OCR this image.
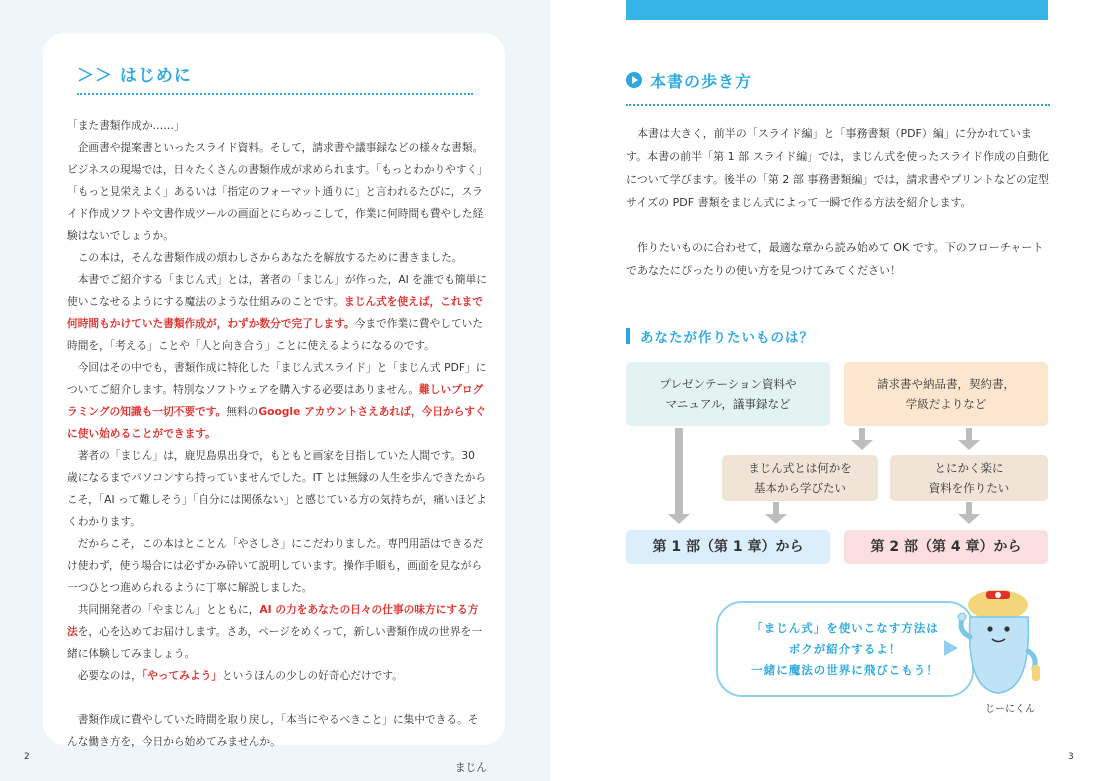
＞＞ はじめに

「また書類作成か……」

企画書や提案書といったスライド資料。そして，請求書や議事録などの様々な書類。ビジネスの現場では，日々たくさんの書類作成が求められます。「もっとわかりやすく」「もっと見栄えよく」あるいは「指定のフォーマット通りに」と言われるたびに，スライド作成ソフトや文書作成ツールの画面とにらめっこして，作業に何時間も費やした経験はないでしょうか。

この本は，そんな書類作成の煩わしさからあなたを解放するために書きました。

本書でご紹介する「まじん式」とは，著者の「まじん」が作った，AI を誰でも簡単に使いこなせるようにする魔法のような仕組みのことです。まじん式を使えば，これまで何時間もかけていた書類作成が，わずか数分で完了します。今まで作業に費やしていた時間を，「考える」ことや「人と向き合う」ことに使えるようになるのです。

今回はその中でも，書類作成に特化した「まじん式スライド」と「まじん式 PDF」についてご紹介します。特別なソフトウェアを購入する必要はありません。難しいプログラミングの知識も一切不要です。無料のGoogle アカウントさえあれば，今日からすぐに使い始めることができます。

著者の「まじん」は，鹿児島県出身で，もともと画家を目指していた人間です。30 歳になるまでパソコンすら持っていませんでした。IT とは無縁の人生を歩んできたからこそ，「AI って難しそう」「自分には関係ない」と感じている方の気持ちが，痛いほどよくわかります。

だからこそ，この本はとことん「やさしさ」にこだわりました。専門用語はできるだけ使わず，使う場合には必ずかみ砕いて説明しています。操作手順も，画面を見ながら一つひとつ進められるように丁寧に解説しました。

共同開発者の「やまじん」とともに，AI の力をあなたの日々の仕事の味方にする方法を，心を込めてお届けします。さあ，ページをめくって，新しい書類作成の世界を一緒に体験してみましょう。

必要なのは，「やってみよう」というほんの少しの好奇心だけです。

書類作成に費やしていた時間を取り戻し，「本当にやるべきこと」に集中できる。そんな働き方を，今日から始めてみませんか。

まじん
2
本書の歩き方

本書は大きく，前半の「スライド編」と「事務書類（PDF）編」に分かれています。本書の前半「第 1 部 スライド編」では，まじん式を使ったスライド作成の自動化について学びます。後半の「第 2 部 事務書類編」では，請求書やプリントなどの定型サイズの PDF 書類をまじん式によって一瞬で作る方法を紹介します。

作りたいものに合わせて，最適な章から読み始めて OK です。下のフローチャートであなたにぴったりの使い方を見つけてみてください！

あなたが作りたいものは？
プレゼンテーション資料や
マニュアル，議事録など
請求書や納品書，契約書，
学級だよりなど
まじん式とは何かを
基本から学びたい
とにかく楽に
資料を作りたい
第 1 部（第 1 章）から	第 2 部（第 4 章）から
「まじん式」を使いこなす方法は
ボクが紹介するよ！
一緒に魔法の世界に飛びこもう！
じーにくん
3
